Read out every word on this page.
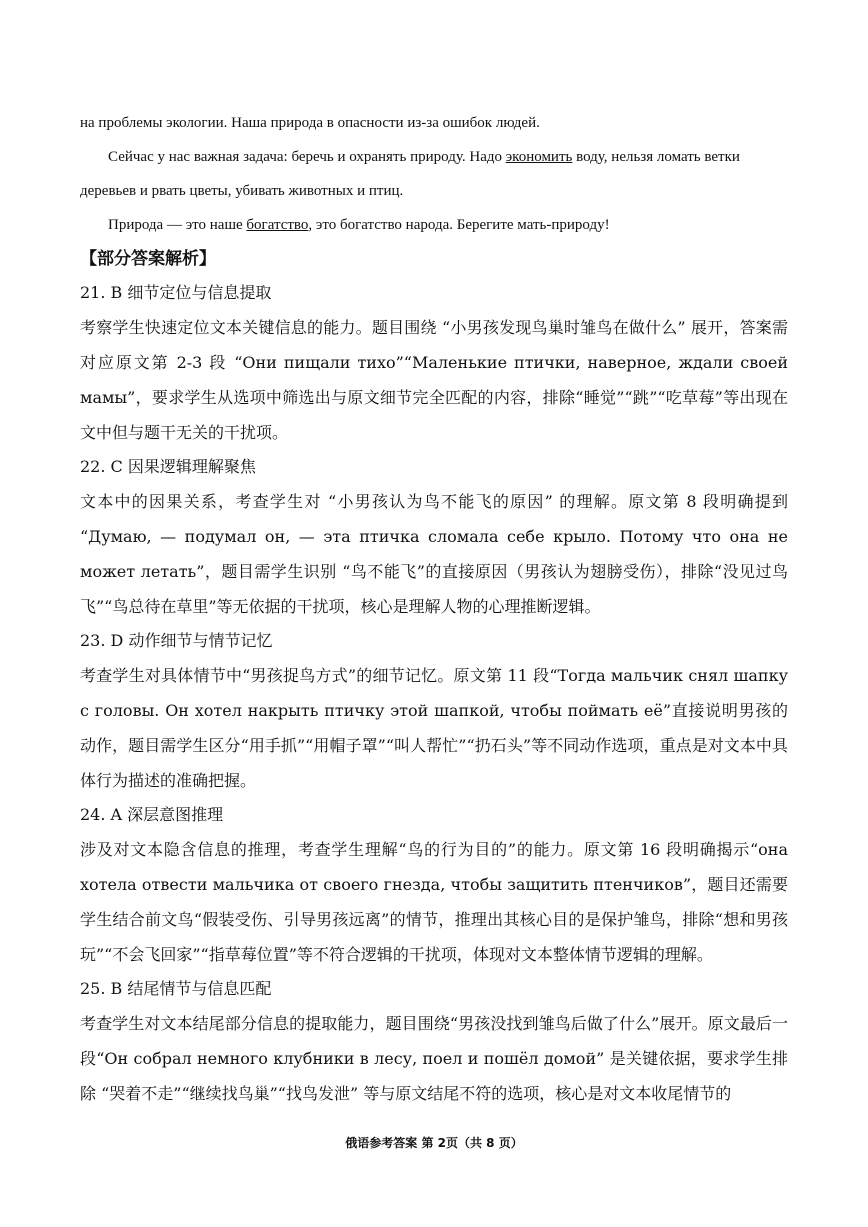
на проблемы экологии. Наша природа в опасности из-за ошибок людей.

Сейчас у нас важная задача: беречь и охранять природу. Надо экономить воду, нельзя ломать ветки деревьев и рвать цветы, убивать животных и птиц.

Природа — это наше богатство, это богатство народа. Берегите мать-природу!

【部分答案解析】

21. B 细节定位与信息提取

考察学生快速定位文本关键信息的能力。题目围绕 “小男孩发现鸟巢时雏鸟在做什么” 展开，答案需对应原文第 2-3 段 “Они пищали тихо”“Маленькие птички, наверное, ждали своей мамы”，要求学生从选项中筛选出与原文细节完全匹配的内容，排除“睡觉”“跳”“吃草莓”等出现在文中但与题干无关的干扰项。

22. C 因果逻辑理解聚焦

文本中的因果关系，考查学生对 “小男孩认为鸟不能飞的原因” 的理解。原文第 8 段明确提到 “Думаю, — подумал он, — эта птичка сломала себе крыло. Потому что она не может летать”，题目需学生识别 “鸟不能飞”的直接原因（男孩认为翅膀受伤），排除“没见过鸟飞”“鸟总待在草里”等无依据的干扰项，核心是理解人物的心理推断逻辑。

23. D 动作细节与情节记忆

考查学生对具体情节中“男孩捉鸟方式”的细节记忆。原文第 11 段“Тогда мальчик снял шапку с головы. Он хотел накрыть птичку этой шапкой, чтобы поймать её”直接说明男孩的动作，题目需学生区分“用手抓”“用帽子罩”“叫人帮忙”“扔石头”等不同动作选项，重点是对文本中具体行为描述的准确把握。

24. A 深层意图推理

涉及对文本隐含信息的推理，考查学生理解“鸟的行为目的”的能力。原文第 16 段明确揭示“она хотела отвести мальчика от своего гнезда, чтобы защитить птенчиков”，题目还需要学生结合前文鸟“假装受伤、引导男孩远离”的情节，推理出其核心目的是保护雏鸟，排除“想和男孩玩”“不会飞回家”“指草莓位置”等不符合逻辑的干扰项，体现对文本整体情节逻辑的理解。

25. B 结尾情节与信息匹配

考查学生对文本结尾部分信息的提取能力，题目围绕“男孩没找到雏鸟后做了什么”展开。原文最后一段“Он собрал немного клубники в лесу, поел и пошёл домой” 是关键依据，要求学生排除 “哭着不走”“继续找鸟巢”“找鸟发泄” 等与原文结尾不符的选项，核心是对文本收尾情节的

俄语参考答案 第 2页（共 8 页）
